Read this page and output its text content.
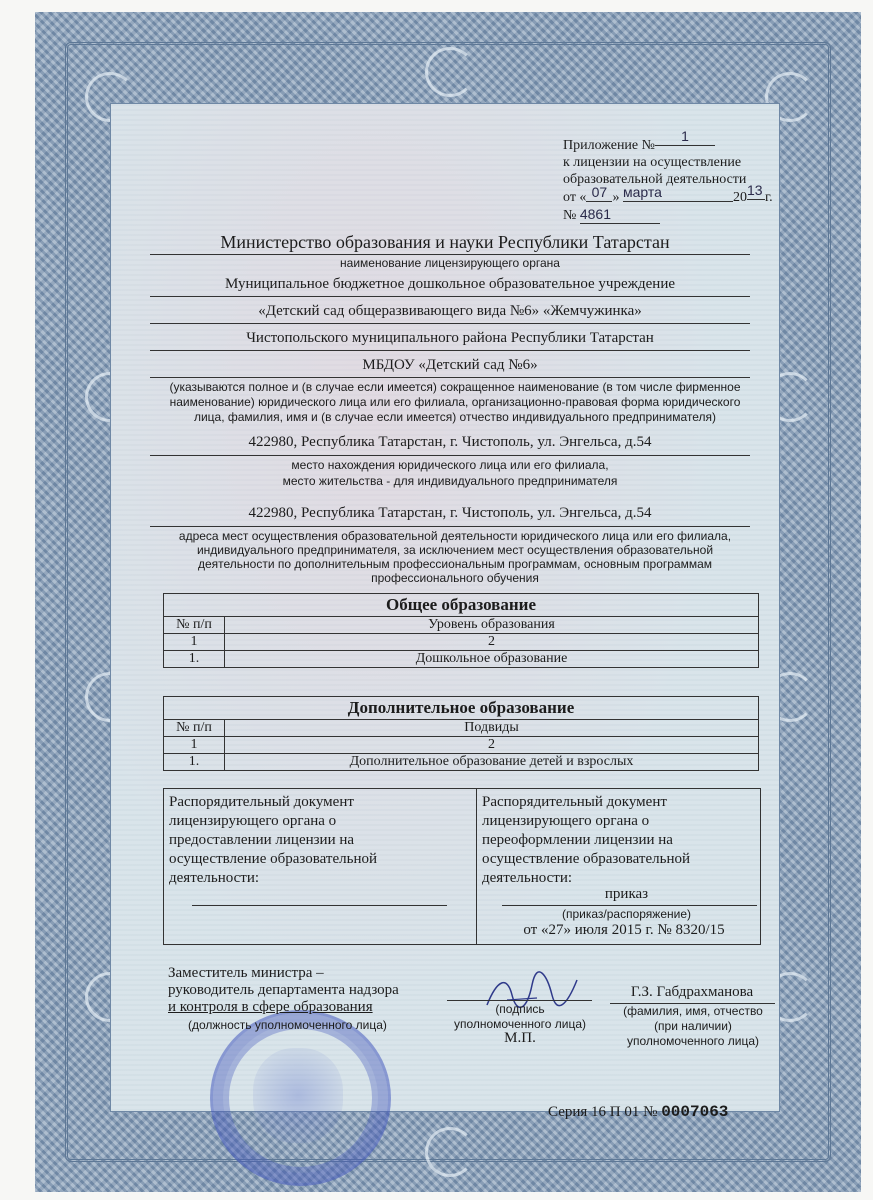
Приложение №1
к лицензии на осуществление
образовательной деятельности
от « 07 » марта	2013 г.
№ 4861
Министерство образования и науки Республики Татарстан
наименование лицензирующего органа
Муниципальное бюджетное дошкольное образовательное учреждение
«Детский сад общеразвивающего вида №6» «Жемчужинка»
Чистопольского муниципального района Республики Татарстан
МБДОУ «Детский сад №6»
(указываются полное и (в случае если имеется) сокращенное наименование (в том числе фирменное наименование) юридического лица или его филиала, организационно-правовая форма юридического лица, фамилия, имя и (в случае если имеется) отчество индивидуального предпринимателя)
422980, Республика Татарстан, г. Чистополь, ул. Энгельса, д.54
место нахождения юридического лица или его филиала,
место жительства - для индивидуального предпринимателя
422980, Республика Татарстан, г. Чистополь, ул. Энгельса, д.54
адреса мест осуществления образовательной деятельности юридического лица или его филиала, индивидуального предпринимателя, за исключением мест осуществления образовательной деятельности по дополнительным профессиональным программам, основным программам профессионального обучения
Общее образование	
№ п/п	Уровень образования
1	2
1.	Дошкольное образование
Дополнительное образование	
№ п/п	Подвиды
1	2
1.	Дополнительное образование детей и взрослых
Распорядительный документ лицензирующего органа о предоставлении лицензии на осуществление образовательной деятельности:
Распорядительный документ лицензирующего органа о переоформлении лицензии на осуществление образовательной деятельности:
приказ
(приказ/распоряжение)
от «27» июля 2015 г. № 8320/15
Заместитель министра –
руководитель департамента надзора
и контроля в сфере образования
(должность уполномоченного лица)
(подпись
уполномоченного лица)
М.П.
Г.З. Габдрахманова
(фамилия, имя, отчество
(при наличии)
уполномоченного лица)
Серия 16 П 01 № 0007063
